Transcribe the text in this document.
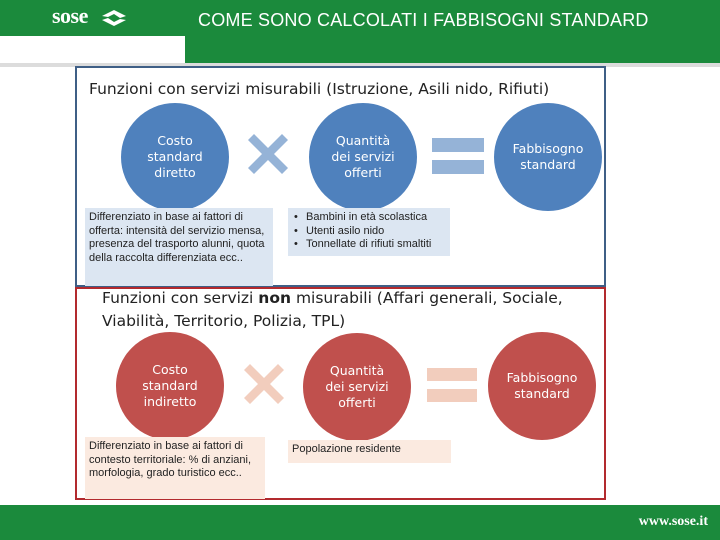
sose	COME SONO CALCOLATI I FABBISOGNI STANDARD
Funzioni con servizi misurabili (Istruzione, Asili nido, Rifiuti)
Costo standard diretto
Quantità dei servizi offerti
Fabbisogno standard
Differenziato in base ai fattori di offerta: intensità del servizio mensa, presenza del trasporto alunni, quota della raccolta differenziata ecc..
• Bambini in età scolastica
• Utenti asilo nido
• Tonnellate di rifiuti smaltiti
Funzioni con servizi non misurabili (Affari generali, Sociale, Viabilità, Territorio, Polizia, TPL)
Costo standard indiretto
Quantità dei servizi offerti
Fabbisogno standard
Differenziato in base ai fattori di contesto territoriale: % di anziani, morfologia, grado turistico ecc..
Popolazione residente
www.sose.it
